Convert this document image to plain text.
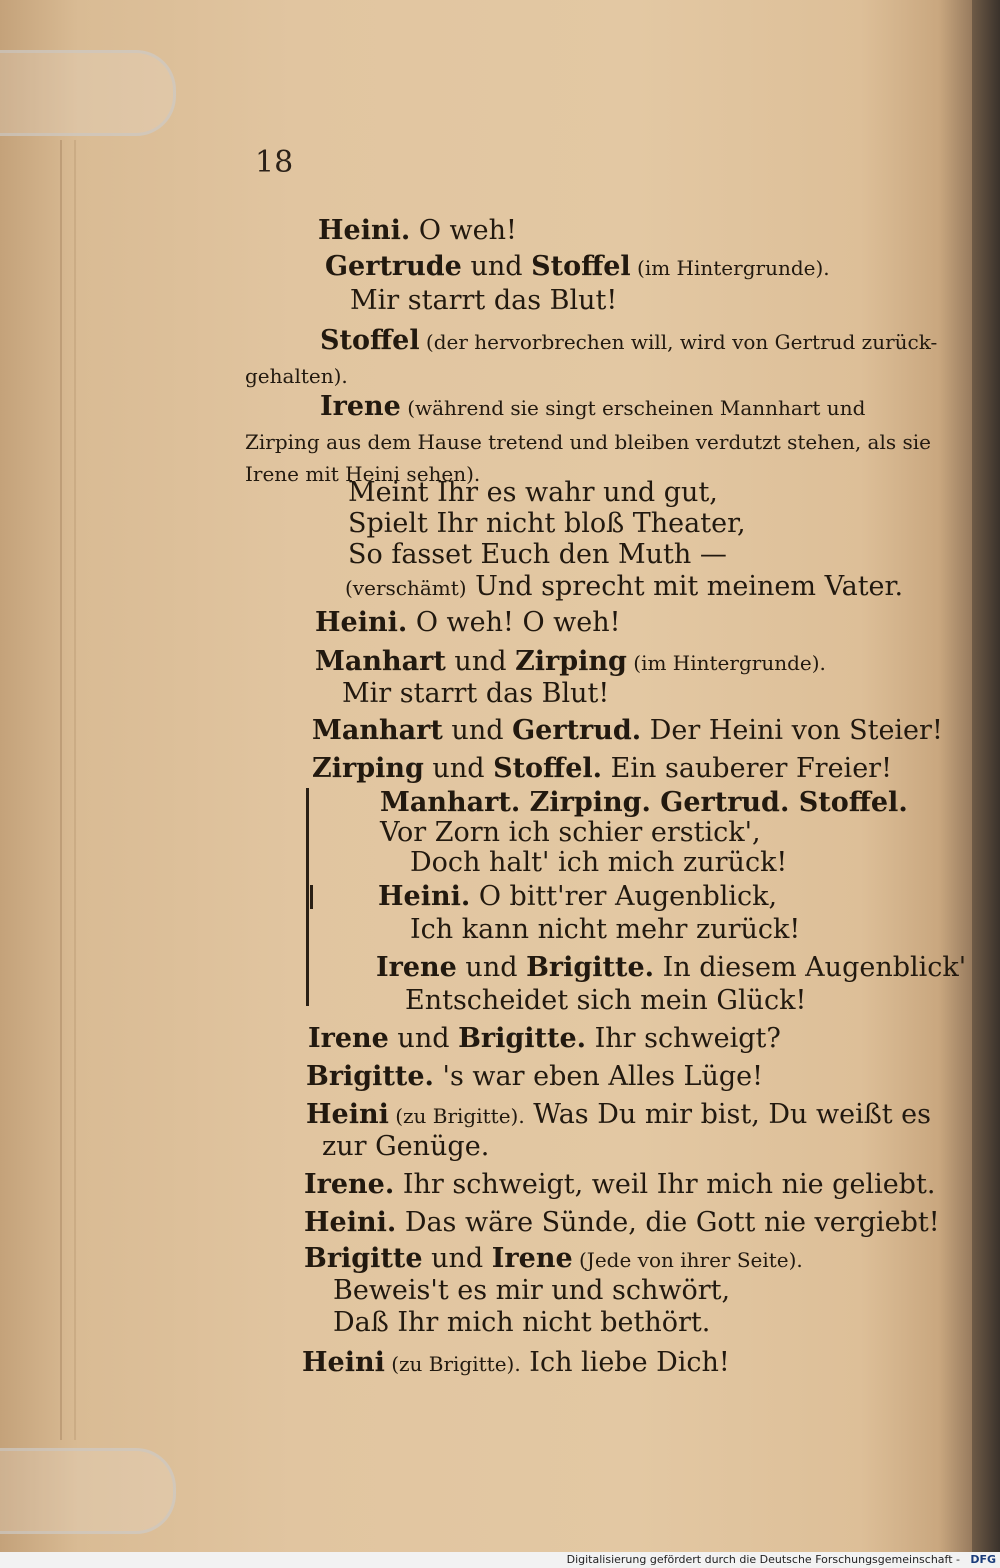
18
Heini. O weh!
Gertrude und Stoffel (im Hintergrunde).
Mir starrt das Blut!
Stoffel (der hervorbrechen will, wird von Gertrud zurück-
gehalten).
Irene (während sie singt erscheinen Mannhart und
Zirping aus dem Hause tretend und bleiben verdutzt stehen, als sie
Irene mit Heini sehen).
Meint Ihr es wahr und gut,
Spielt Ihr nicht bloß Theater,
So fasset Euch den Muth —
(verschämt) Und sprecht mit meinem Vater.
Heini. O weh! O weh!
Manhart und Zirping (im Hintergrunde).
Mir starrt das Blut!
Manhart und Gertrud. Der Heini von Steier!
Zirping und Stoffel. Ein sauberer Freier!
Manhart. Zirping. Gertrud. Stoffel.
Vor Zorn ich schier erstick',
Doch halt' ich mich zurück!
Heini. O bitt'rer Augenblick,
Ich kann nicht mehr zurück!
Irene und Brigitte. In diesem Augenblick'
Entscheidet sich mein Glück!
Irene und Brigitte. Ihr schweigt?
Brigitte. 's war eben Alles Lüge!
Heini (zu Brigitte). Was Du mir bist, Du weißt es
zur Genüge.
Irene. Ihr schweigt, weil Ihr mich nie geliebt.
Heini. Das wäre Sünde, die Gott nie vergiebt!
Brigitte und Irene (Jede von ihrer Seite).
Beweis't es mir und schwört,
Daß Ihr mich nicht bethört.
Heini (zu Brigitte). Ich liebe Dich!
Digitalisierung gefördert durch die Deutsche Forschungsgemeinschaft - DFG
